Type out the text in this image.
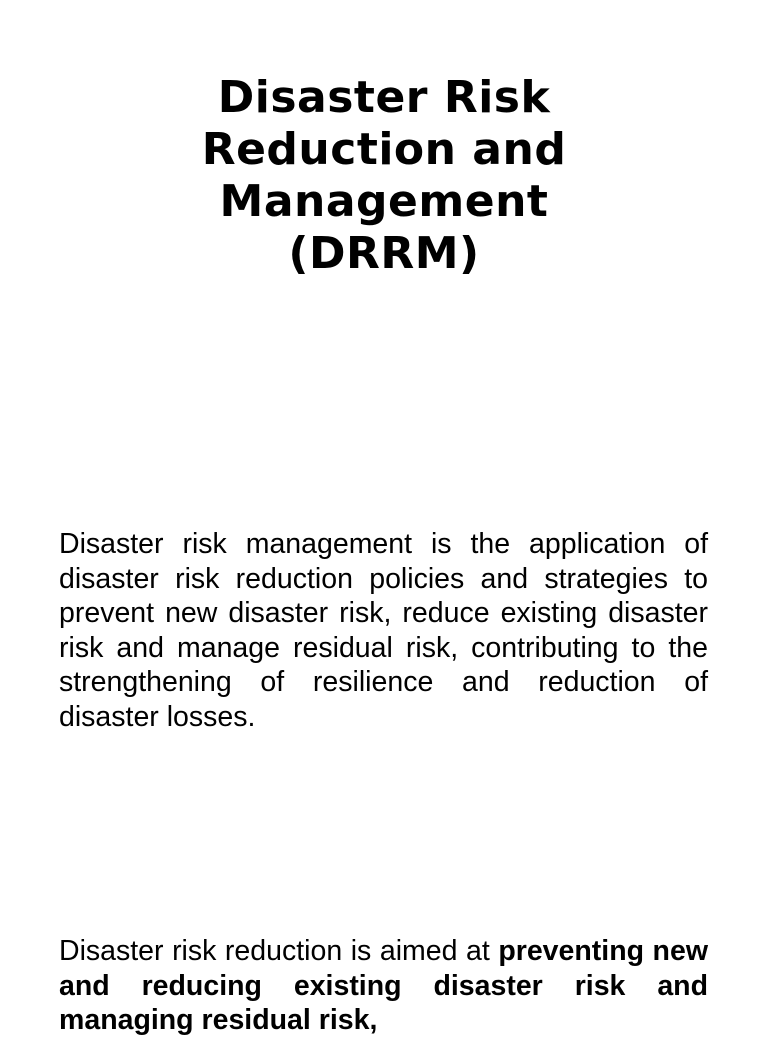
Disaster Risk Reduction and Management (DRRM)

Disaster risk management is the application of disaster risk reduction policies and strategies to prevent new disaster risk, reduce existing disaster risk and manage residual risk, contributing to the strengthening of resilience and reduction of disaster losses.

Disaster risk reduction is aimed at preventing new and reducing existing disaster risk and managing residual risk,
